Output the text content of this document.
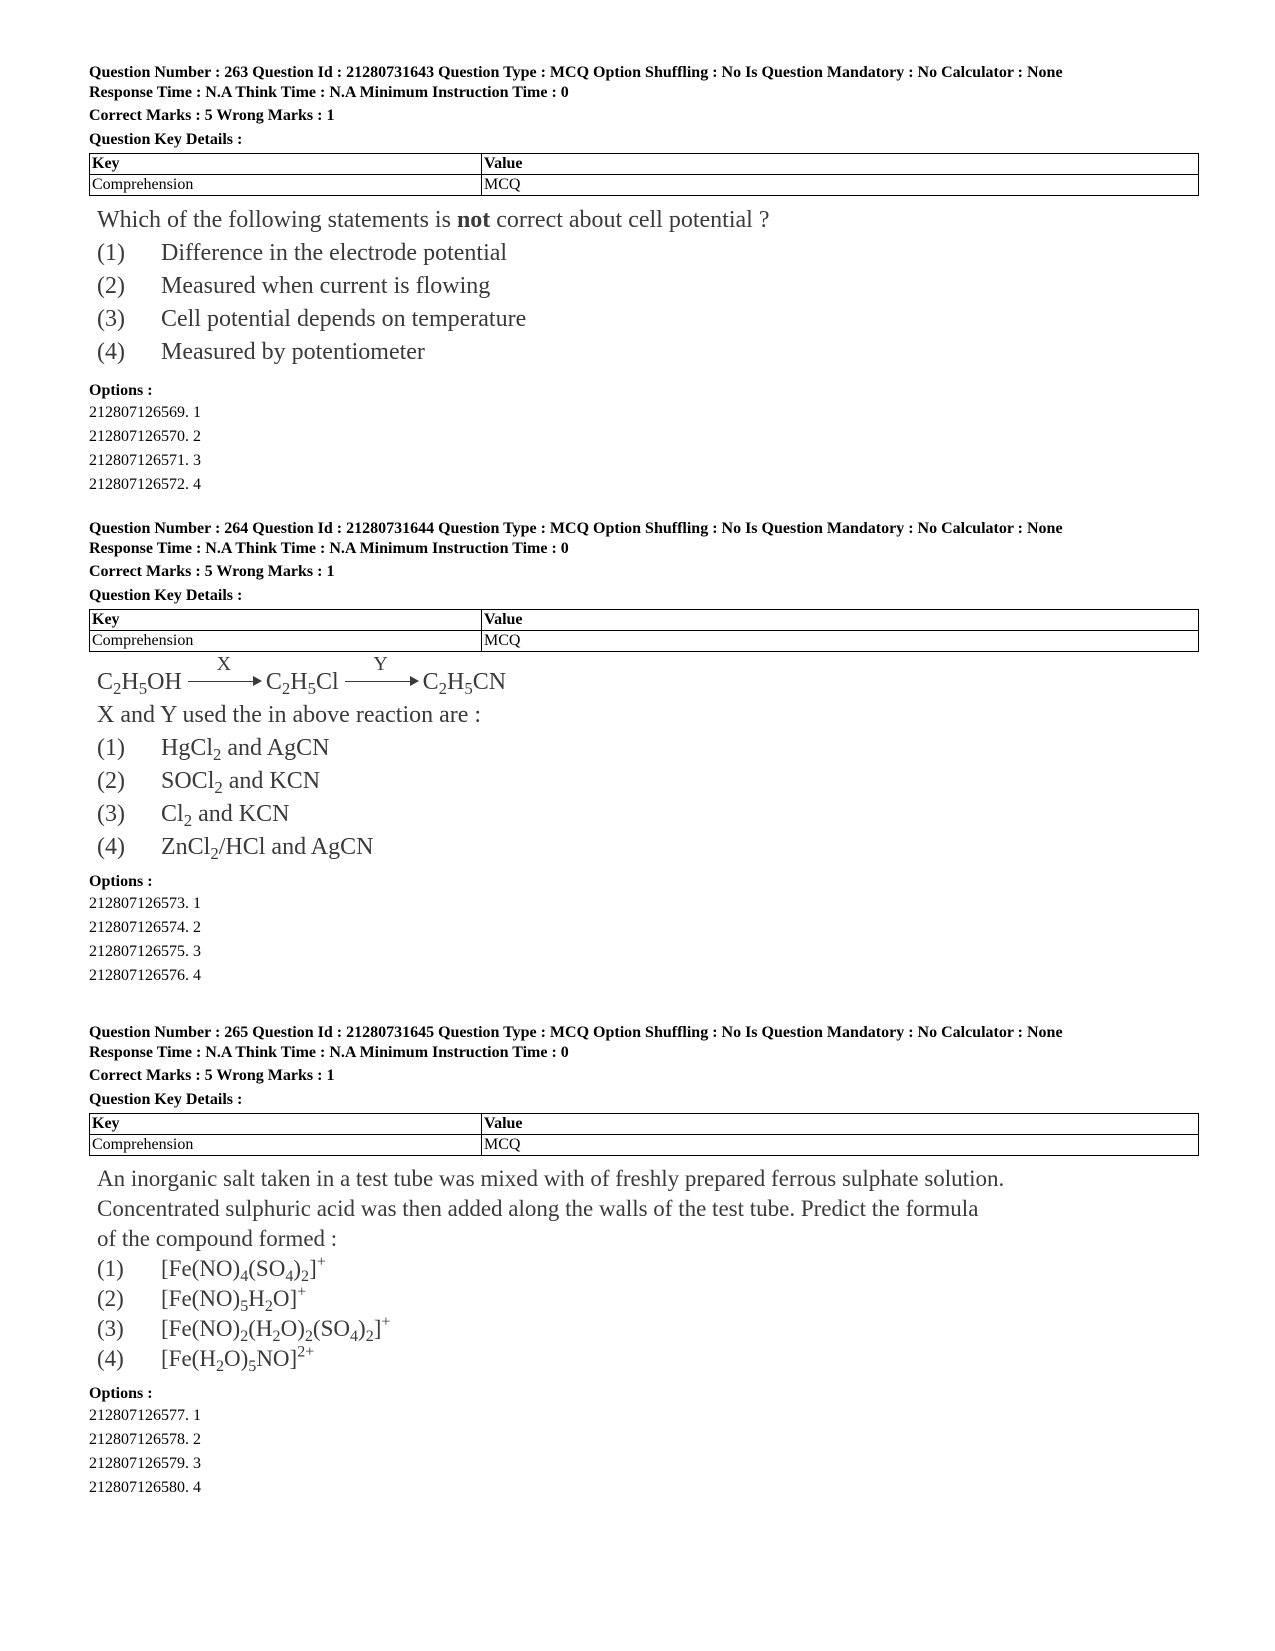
Question Number : 263 Question Id : 21280731643 Question Type : MCQ Option Shuffling : No Is Question Mandatory : No Calculator : None
Response Time : N.A Think Time : N.A Minimum Instruction Time : 0
Correct Marks : 5 Wrong Marks : 1
Question Key Details :
Key	Value
Comprehension	MCQ
Which of the following statements is not correct about cell potential ?
(1)	Difference in the electrode potential
(2)	Measured when current is flowing
(3)	Cell potential depends on temperature
(4)	Measured by potentiometer
Options :
212807126569. 1
212807126570. 2
212807126571. 3
212807126572. 4
Question Number : 264 Question Id : 21280731644 Question Type : MCQ Option Shuffling : No Is Question Mandatory : No Calculator : None
Response Time : N.A Think Time : N.A Minimum Instruction Time : 0
Correct Marks : 5 Wrong Marks : 1
Question Key Details :
Key	Value
Comprehension	MCQ
$C_2H_5OH$
X
$C_2H_5Cl$
Y
$C_2H_5CN$
X and Y used the in above reaction are :
(1)	HgCl$_2$ and AgCN
(2)	SOCl$_2$ and KCN
(3)	$Cl_2$ and KCN
(4)	ZnCl$_2$/HCl and AgCN
Options :
212807126573. 1
212807126574. 2
212807126575. 3
212807126576. 4
Question Number : 265 Question Id : 21280731645 Question Type : MCQ Option Shuffling : No Is Question Mandatory : No Calculator : None
Response Time : N.A Think Time : N.A Minimum Instruction Time : 0
Correct Marks : 5 Wrong Marks : 1
Question Key Details :
Key	Value
Comprehension	MCQ
An inorganic salt taken in a test tube was mixed with of freshly prepared ferrous sulphate solution.
Concentrated sulphuric acid was then added along the walls of the test tube. Predict the formula
of the compound formed :
(1)	$[Fe(NO)_4(SO_4)_2]^+$
(2)	$[Fe(NO)_5H_2O]^+$
(3)	$[Fe(NO)_2(H_2O)_2(SO_4)_2]^+$
(4)	$[Fe(H_2O)_5NO]^{2+}$
Options :
212807126577. 1
212807126578. 2
212807126579. 3
212807126580. 4
